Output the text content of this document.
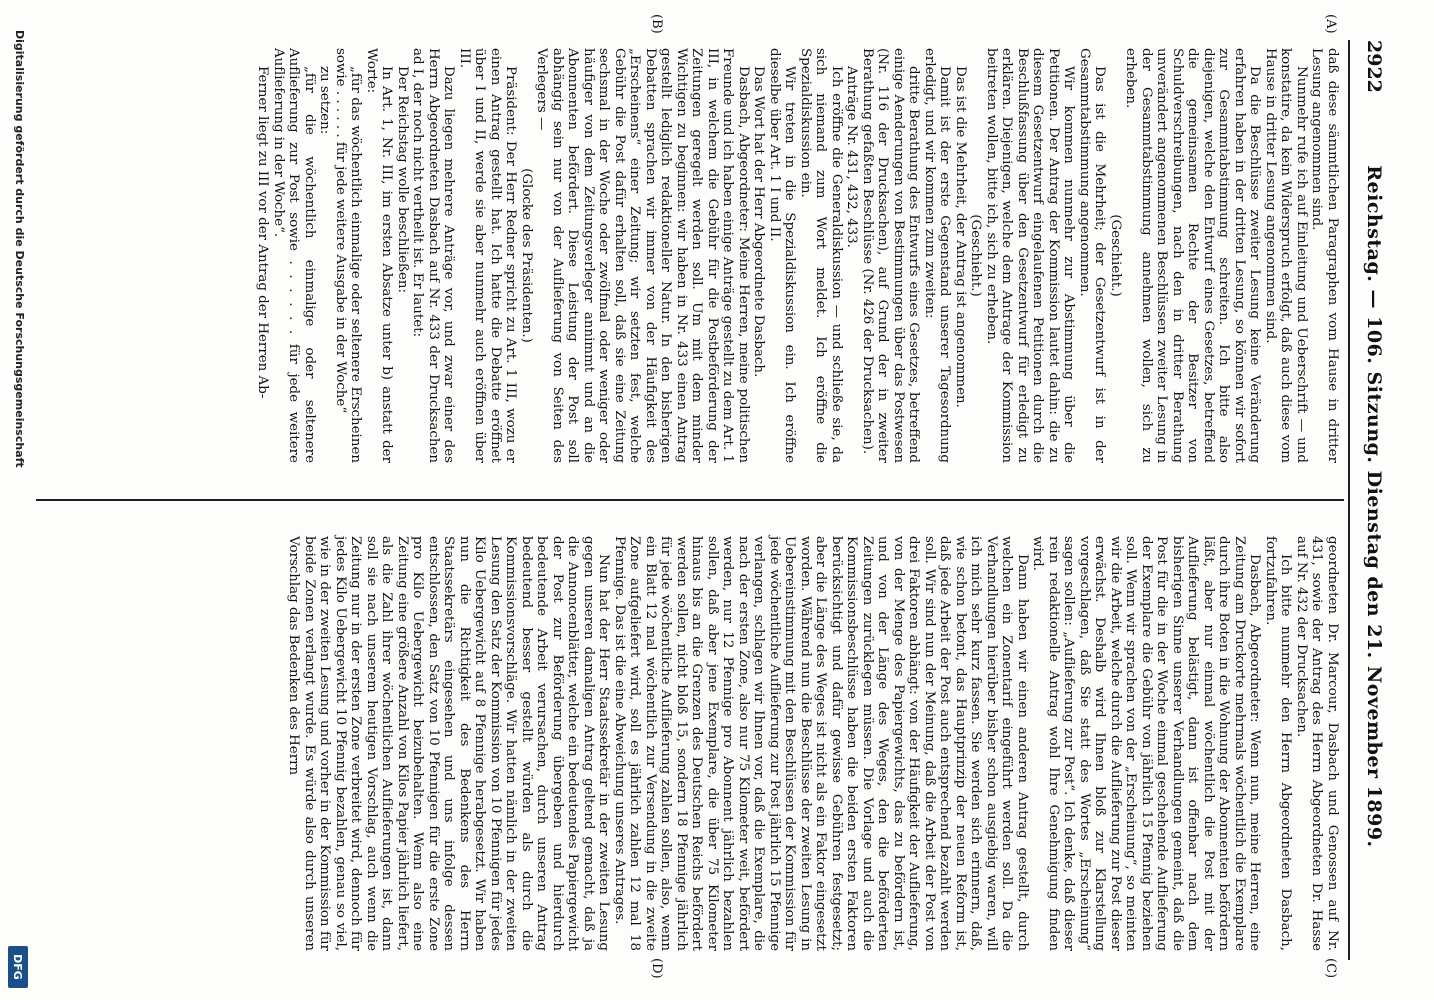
2922
Reichstag. — 106. Sitzung. Dienstag den 21. November 1899.
(A)
(B)
(C)
(D)

daß diese sämmtlichen Paragraphen vom Hause in dritter Lesung angenommen sind.

Nunmehr rufe ich auf Einleitung und Ueberschrift — und konstatire, da kein Widerspruch erfolgt, daß auch diese vom Hause in dritter Lesung angenommen sind.

Da die Beschlüsse zweiter Lesung keine Veränderung erfahren haben in der dritten Lesung, so können wir sofort zur Gesammtabstimmung schreiten. Ich bitte also diejenigen, welche den Entwurf eines Gesetzes, betreffend die gemeinsamen Rechte der Besitzer von Schuldverschreibungen, nach den in dritter Berathung unverändert angenommenen Beschlüssen zweiter Lesung in der Gesammtabstimmung annehmen wollen, sich zu erheben.

(Geschieht.)

Das ist die Mehrheit; der Gesetzentwurf ist in der Gesammtabstimmung angenommen.

Wir kommen nunmehr zur Abstimmung über die Petitionen. Der Antrag der Kommission lautet dahin: die zu diesem Gesetzentwurf eingelaufenen Petitionen durch die Beschlußfassung über den Gesetzentwurf für erledigt zu erklären. Diejenigen, welche dem Antrage der Kommission beitreten wollen, bitte ich, sich zu erheben.

(Geschieht.)

Das ist die Mehrheit, der Antrag ist angenommen.

Damit ist der erste Gegenstand unserer Tagesordnung erledigt, und wir kommen zum zweiten:

dritte Berathung des Entwurfs eines Gesetzes, betreffend einige Aenderungen von Bestimmungen über das Postwesen (Nr. 116 der Drucksachen), auf Grund der in zweiter Berathung gefaßten Beschlüsse (Nr. 426 der Drucksachen).

Anträge Nr. 431, 432, 433.

Ich eröffne die Generaldiskussion — und schließe sie, da sich niemand zum Wort meldet. Ich eröffne die Spezialdiskussion ein.

Wir treten in die Spezialdiskussion ein. Ich eröffne dieselbe über Art. 1 I und II.

Das Wort hat der Herr Abgeordnete Dasbach.

Dasbach, Abgeordneter: Meine Herren, meine politischen Freunde und ich haben einige Anträge gestellt zu dem Art. 1 III, in welchem die Gebühr für die Postbeförderung der Zeitungen geregelt werden soll. Um mit dem minder Wichtigen zu beginnen: wir haben in Nr. 433 einen Antrag gestellt lediglich redaktioneller Natur. In den bisherigen Debatten sprachen wir immer von der Häufigkeit des „Erscheinens“ einer Zeitung; wir setzten fest, welche Gebühr die Post dafür erhalten soll, daß sie eine Zeitung sechsmal in der Woche oder zwölfmal oder weniger oder häufiger von dem Zeitungsverleger annimmt und an die Abonnenten befördert. Diese Leistung der Post soll abhängig sein nur von der Auflieferung von Seiten des Verlegers —

(Glocke des Präsidenten.)

Präsident: Der Herr Redner spricht zu Art. 1 III, wozu er einen Antrag gestellt hat. Ich hatte die Debatte eröffnet über I und II, werde sie aber nunmehr auch eröffnen über III.

Dazu liegen mehrere Anträge vor, und zwar einer des Herrn Abgeordneten Dasbach auf Nr. 433 der Drucksachen ad I, der noch nicht vertheilt ist. Er lautet:

Der Reichstag wolle beschließen:

In Art. 1, Nr. III, im ersten Absatze unter b) anstatt der Worte:

„für das wöchentlich einmalige oder seltenere Erscheinen sowie . . . . . . für jede weitere Ausgabe in der Woche“

zu setzen:

„für die wöchentlich einmalige oder seltenere Auflieferung zur Post sowie . . . . . . für jede weitere Auflieferung in der Woche“.

Ferner liegt zu III vor der Antrag der Herren Ab-

geordneten Dr. Marcour, Dasbach und Genossen auf Nr. 431, sowie der Antrag des Herrn Abgeordneten Dr. Hasse auf Nr. 432 der Drucksachen.

Ich bitte nunmehr den Herrn Abgeordneten Dasbach, fortzufahren.

Dasbach, Abgeordneter: Wenn nun, meine Herren, eine Zeitung am Druckorte mehrmals wöchentlich die Exemplare durch ihre Boten in die Wohnung der Abonnenten befördern läßt, aber nur einmal wöchentlich die Post mit der Auflieferung belästigt, dann ist offenbar nach dem bisherigen Sinne unserer Verhandlungen gemeint, daß die Post für die in der Woche einmal geschehende Auflieferung der Exemplare die Gebühr von jährlich 15 Pfennig beziehen soll. Wenn wir sprachen von der „Erscheinung“, so meinten wir die Arbeit, welche durch die Auflieferung zur Post dieser erwächst. Deshalb wird Ihnen bloß zur Klarstellung vorgeschlagen, daß Sie statt des Wortes „Erscheinung“ sagen sollen: „Auflieferung zur Post“. Ich denke, daß dieser rein redaktionelle Antrag wohl Ihre Genehmigung finden wird.

Dann haben wir einen anderen Antrag gestellt, durch welchen ein Zonentarif eingeführt werden soll. Da die Verhandlungen hierüber bisher schon ausgiebig waren, will ich mich sehr kurz fassen. Sie werden sich erinnern, daß, wie schon betont, das Hauptprinzip der neuen Reform ist, daß jede Arbeit der Post auch entsprechend bezahlt werden soll. Wir sind nun der Meinung, daß die Arbeit der Post von drei Faktoren abhängt: von der Häufigkeit der Auflieferung, von der Menge des Papiergewichts, das zu befördern ist, und von der Länge des Weges, den die beförderten Zeitungen zurücklegen müssen. Die Vorlage und auch die Kommissionsbeschlüsse haben die beiden ersten Faktoren berücksichtigt und dafür gewisse Gebühren festgesetzt; aber die Länge des Weges ist nicht als ein Faktor eingesetzt worden. Während nun die Beschlüsse der zweiten Lesung in Uebereinstimmung mit den Beschlüssen der Kommission für jede wöchentliche Auflieferung zur Post jährlich 15 Pfennige verlangen, schlagen wir Ihnen vor, daß die Exemplare, die nach der ersten Zone, also nur 75 Kilometer weit, befördert werden, nur 12 Pfennige pro Abonnent jährlich bezahlen sollen, daß aber jene Exemplare, die über 75 Kilometer hinaus bis an die Grenzen des Deutschen Reichs befördert werden sollen, nicht bloß 15, sondern 18 Pfennige jährlich für jede wöchentliche Auflieferung zahlen sollen, also, wenn ein Blatt 12 mal wöchentlich zur Versendung in die zweite Zone aufgeliefert wird, soll es jährlich zahlen 12 mal 18 Pfennige. Das ist die eine Abweichung unseres Antrages.

Nun hat der Herr Staatssekretär in der zweiten Lesung gegen unseren damaligen Antrag geltend gemacht, daß ja die Annoncenblätter, welche ein bedeutendes Papiergewicht der Post zur Beförderung übergeben und hierdurch bedeutende Arbeit verursachen, durch unseren Antrag bedeutend besser gestellt würden als durch die Kommissionsvorschläge. Wir hatten nämlich in der zweiten Lesung den Satz der Kommission von 10 Pfennigen für jedes Kilo Uebergewicht auf 8 Pfennige herabgesetzt. Wir haben nun die Richtigkeit des Bedenkens des Herrn Staatssekretärs eingesehen und uns infolge dessen entschlossen, den Satz von 10 Pfennigen für die erste Zone pro Kilo Uebergewicht beizubehalten. Wenn also eine Zeitung eine größere Anzahl von Kilos Papier jährlich liefert, als die Zahl ihrer wöchentlichen Auflieferungen ist, dann soll sie nach unserem heutigen Vorschlag, auch wenn die Zeitung nur in der ersten Zone verbreitet wird, dennoch für jedes Kilo Uebergewicht 10 Pfennig bezahlen, genau so viel, wie in der zweiten Lesung und vorher in der Kommission für beide Zonen verlangt wurde. Es würde also durch unseren Vorschlag das Bedenken des Herrn

Digitalisierung gefördert durch die Deutsche Forschungsgemeinschaft
DFG
